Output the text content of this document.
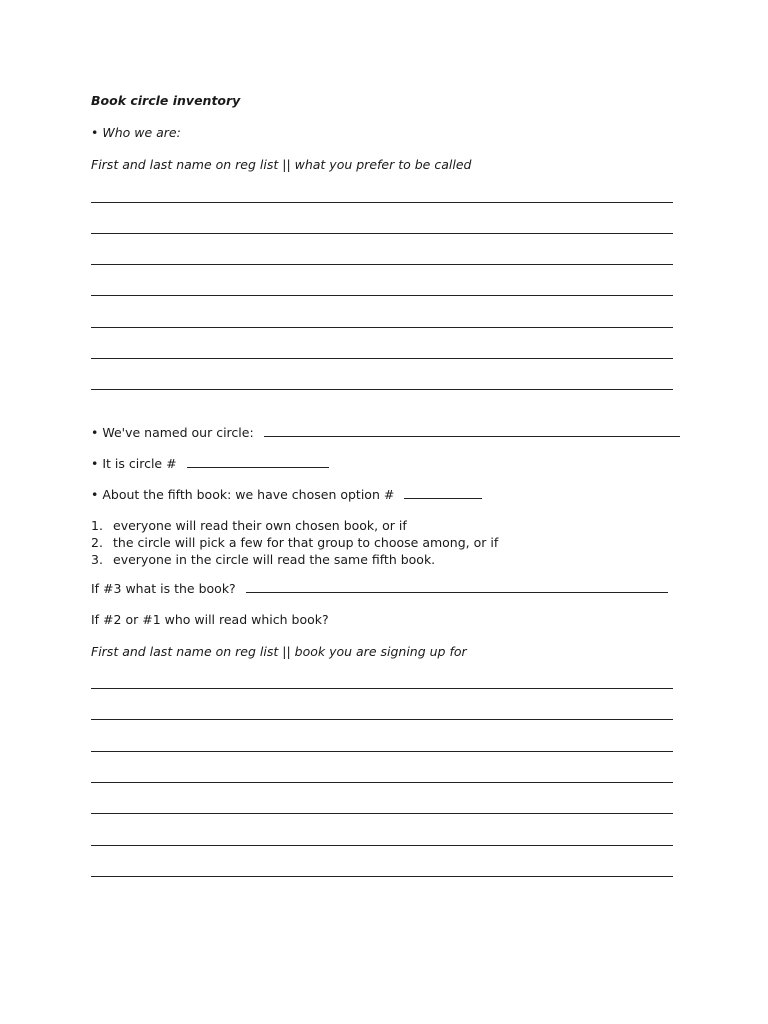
Book circle inventory
• Who we are:
First and last name on reg list || what you prefer to be called
• We've named our circle:
• It is circle #
• About the fifth book: we have chosen option #
1. everyone will read their own chosen book, or if
2. the circle will pick a few for that group to choose among, or if
3. everyone in the circle will read the same fifth book.
If #3 what is the book?
If #2 or #1 who will read which book?
First and last name on reg list || book you are signing up for
